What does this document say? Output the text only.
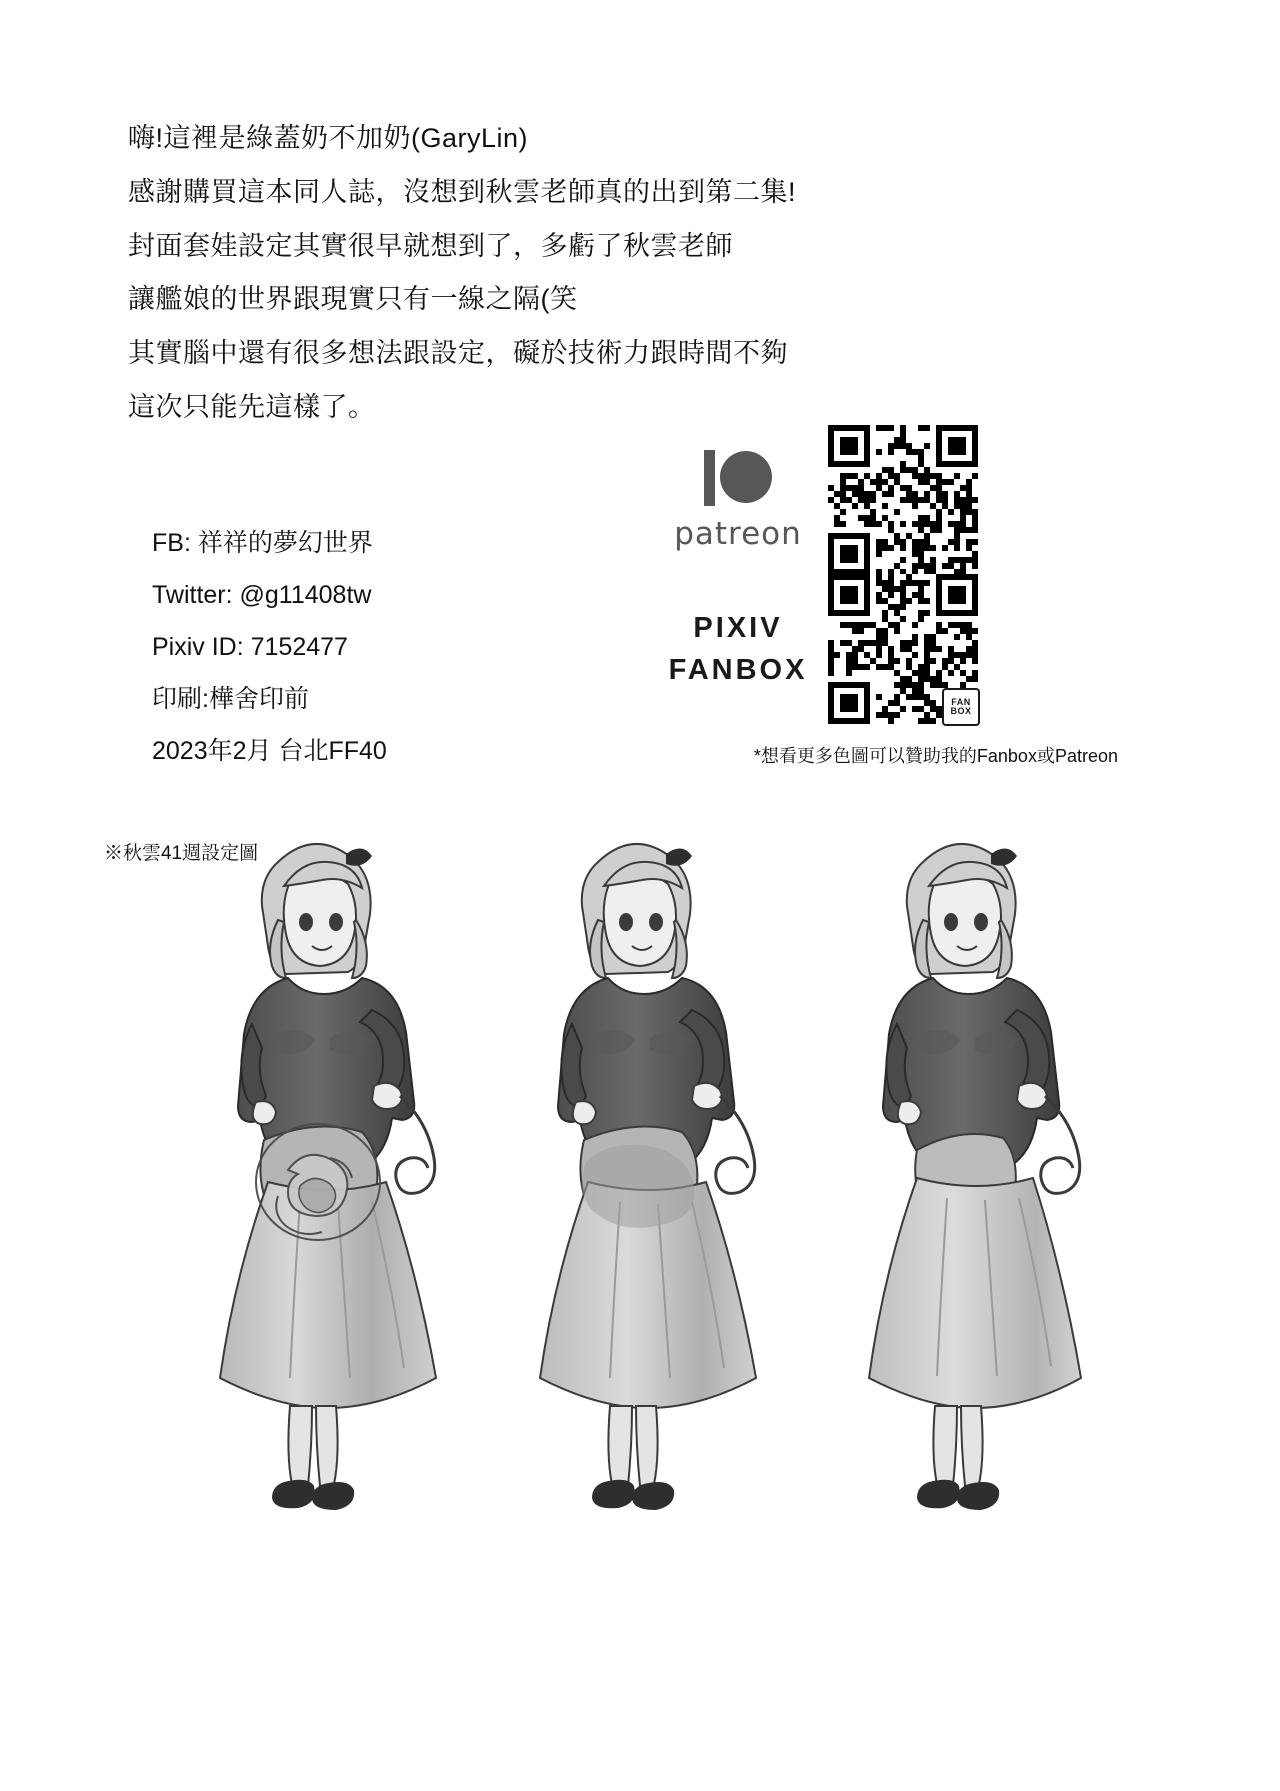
嗨!這裡是綠蓋奶不加奶(GaryLin)

感謝購買這本同人誌，沒想到秋雲老師真的出到第二集!

封面套娃設定其實很早就想到了，多虧了秋雲老師

讓艦娘的世界跟現實只有一線之隔(笑

其實腦中還有很多想法跟設定，礙於技術力跟時間不夠

這次只能先這樣了。

FB: 祥祥的夢幻世界

Twitter: @g11408tw

Pixiv ID: 7152477

印刷:樺舍印前

2023年2月 台北FF40

patreon
PIXIV
FANBOX
FAN
BOX
*想看更多色圖可以贊助我的Fanbox或Patreon
※秋雲41週設定圖
